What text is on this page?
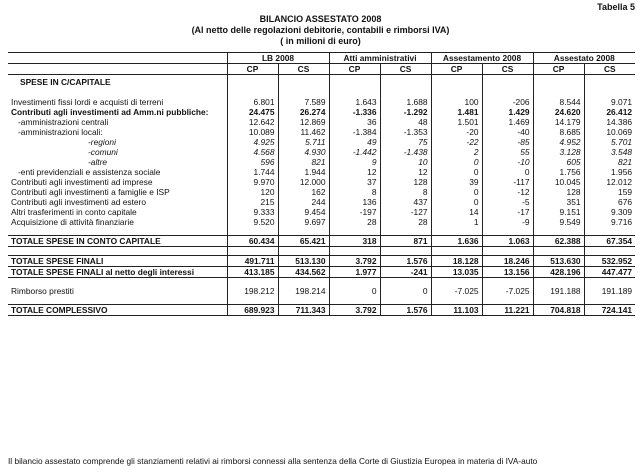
Tabella 5
BILANCIO ASSESTATO 2008
(Al netto delle regolazioni debitorie, contabili e rimborsi IVA)
( in milioni di euro)
	LB 2008		Atti amministrativi		Assestamento 2008		Assestato 2008	
	CP	CS	CP	CS	CP	CS	CP	CS
SPESE IN C/CAPITALE								

Investimenti fissi lordi e acquisti di terreni	6.801	7.589	1.643	1.688	100	-206	8.544	9.071
Contributi agli investimenti ad Amm.ni pubbliche:	24.475	26.274	-1.336	-1.292	1.481	1.429	24.620	26.412
-amministrazioni centrali	12.642	12.869	36	48	1.501	1.469	14.179	14.386
-amministrazioni locali:	10.089	11.462	-1.384	-1.353	-20	-40	8.685	10.069
-regioni	4.925	5.711	49	75	-22	-85	4.952	5.701
-comuni	4.568	4.930	-1.442	-1.438	2	55	3.128	3.548
-altre	596	821	9	10	0	-10	605	821
-enti previdenziali e assistenza sociale	1.744	1.944	12	12	0	0	1.756	1.956
Contributi agli investimenti ad imprese	9.970	12.000	37	128	39	-117	10.045	12.012
Contributi agli investimenti a famiglie e ISP	120	162	8	8	0	-12	128	159
Contributi agli investimenti ad estero	215	244	136	437	0	-5	351	676
Altri trasferimenti in conto capitale	9.333	9.454	-197	-127	14	-17	9.151	9.309
Acquisizione di attività finanziarie	9.520	9.697	28	28	1	-9	9.549	9.716

TOTALE SPESE IN CONTO CAPITALE	60.434	65.421	318	871	1.636	1.063	62.388	67.354

TOTALE SPESE FINALI	491.711	513.130	3.792	1.576	18.128	18.246	513.630	532.952
TOTALE SPESE FINALI al netto degli interessi	413.185	434.562	1.977	-241	13.035	13.156	428.196	447.477

Rimborso prestiti	198.212	198.214	0	0	-7.025	-7.025	191.188	191.189

TOTALE COMPLESSIVO	689.923	711.343	3.792	1.576	11.103	11.221	704.818	724.141
Il bilancio assestato comprende gli stanziamenti relativi ai rimborsi connessi alla sentenza della Corte di Giustizia Europea in materia di IVA-auto
